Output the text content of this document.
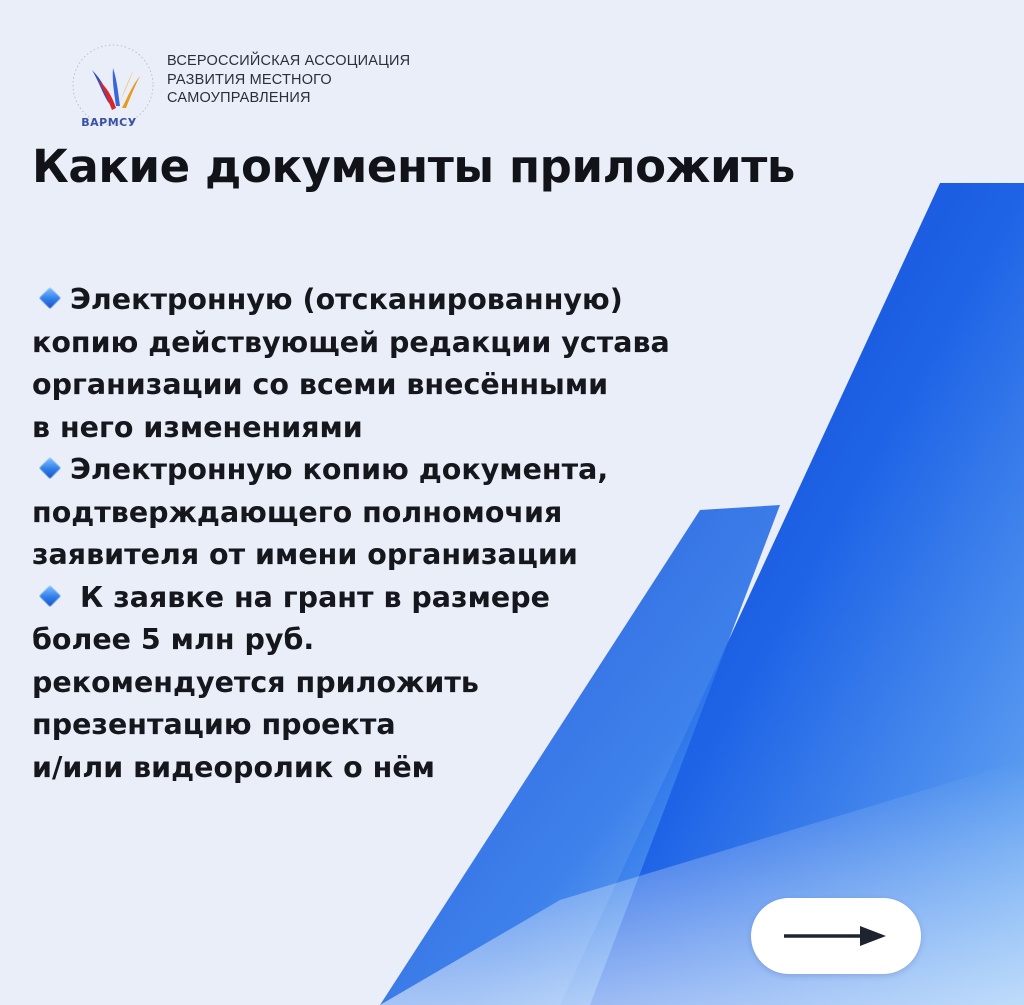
ВАРМСУ
ВСЕРОССИЙСКАЯ АССОЦИАЦИЯ
РАЗВИТИЯ МЕСТНОГО
САМОУПРАВЛЕНИЯ
Какие документы приложить
Электронную (отсканированную)
копию действующей редакции устава
организации со всеми внесёнными
в него изменениями
Электронную копию документа,
подтверждающего полномочия
заявителя от имени организации
К заявке на грант в размере
более 5 млн руб.
рекомендуется приложить
презентацию проекта
и/или видеоролик о нём
